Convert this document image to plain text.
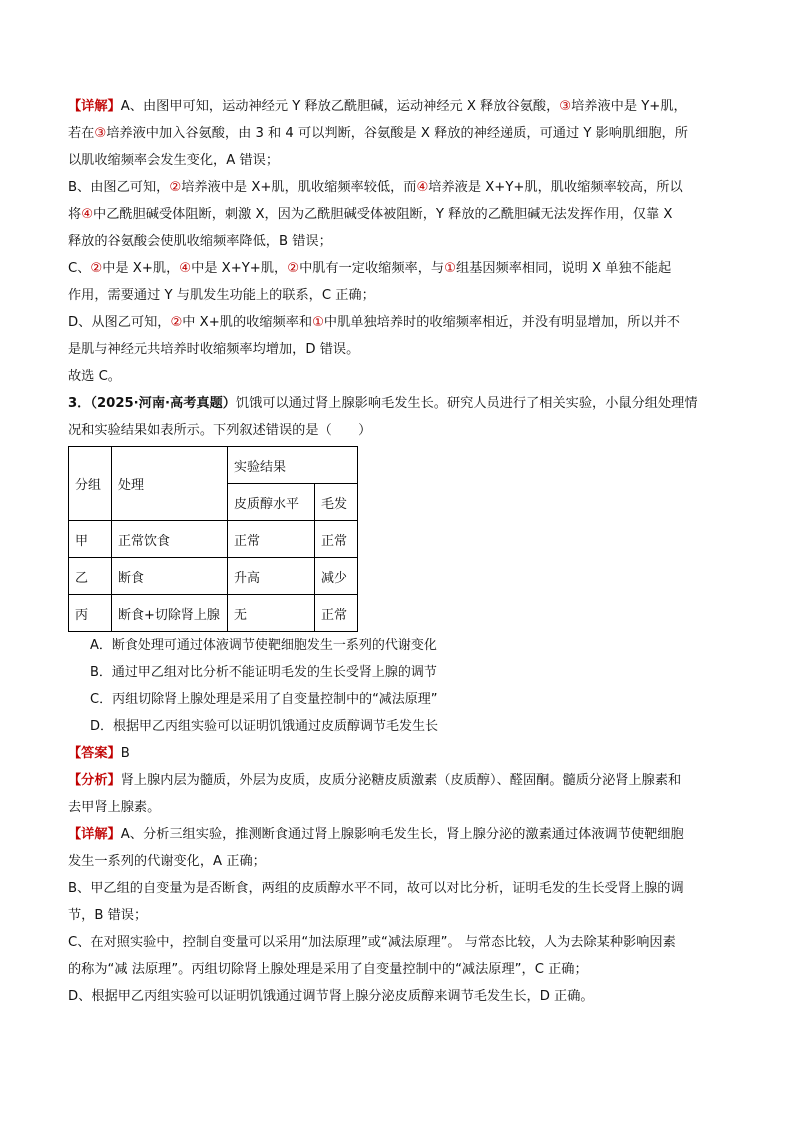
【详解】A、由图甲可知，运动神经元 Y 释放乙酰胆碱，运动神经元 X 释放谷氨酸，③培养液中是 Y+肌，

若在③培养液中加入谷氨酸，由 3 和 4 可以判断，谷氨酸是 X 释放的神经递质，可通过 Y 影响肌细胞，所

以肌收缩频率会发生变化，A 错误；

B、由图乙可知，②培养液中是 X+肌，肌收缩频率较低，而④培养液是 X+Y+肌，肌收缩频率较高，所以

将④中乙酰胆碱受体阻断，刺激 X，因为乙酰胆碱受体被阻断，Y 释放的乙酰胆碱无法发挥作用，仅靠 X

释放的谷氨酸会使肌收缩频率降低，B 错误；

C、②中是 X+肌，④中是 X+Y+肌，②中肌有一定收缩频率，与①组基因频率相同，说明 X 单独不能起

作用，需要通过 Y 与肌发生功能上的联系，C 正确；

D、从图乙可知，②中 X+肌的收缩频率和①中肌单独培养时的收缩频率相近，并没有明显增加，所以并不

是肌与神经元共培养时收缩频率均增加，D 错误。

故选 C。

3．（2025·河南·高考真题）饥饿可以通过肾上腺影响毛发生长。研究人员进行了相关实验，小鼠分组处理情

况和实验结果如表所示。下列叙述错误的是（　　）

分组	处理	实验结果	
		皮质醇水平	毛发
甲	正常饮食	正常	正常
乙	断食	升高	减少
丙	断食+切除肾上腺	无	正常
A．断食处理可通过体液调节使靶细胞发生一系列的代谢变化
B．通过甲乙组对比分析不能证明毛发的生长受肾上腺的调节
C．丙组切除肾上腺处理是采用了自变量控制中的“减法原理”
D．根据甲乙丙组实验可以证明饥饿通过皮质醇调节毛发生长

【答案】B

【分析】肾上腺内层为髓质，外层为皮质，皮质分泌糖皮质激素（皮质醇）、醛固酮。髓质分泌肾上腺素和

去甲肾上腺素。

【详解】A、分析三组实验，推测断食通过肾上腺影响毛发生长，肾上腺分泌的激素通过体液调节使靶细胞

发生一系列的代谢变化，A 正确；

B、甲乙组的自变量为是否断食，两组的皮质醇水平不同，故可以对比分析，证明毛发的生长受肾上腺的调

节，B 错误；

C、在对照实验中，控制自变量可以采用“加法原理”或“减法原理”。 与常态比较，人为去除某种影响因素

的称为“减 法原理”。丙组切除肾上腺处理是采用了自变量控制中的“减法原理”，C 正确；

D、根据甲乙丙组实验可以证明饥饿通过调节肾上腺分泌皮质醇来调节毛发生长，D 正确。
